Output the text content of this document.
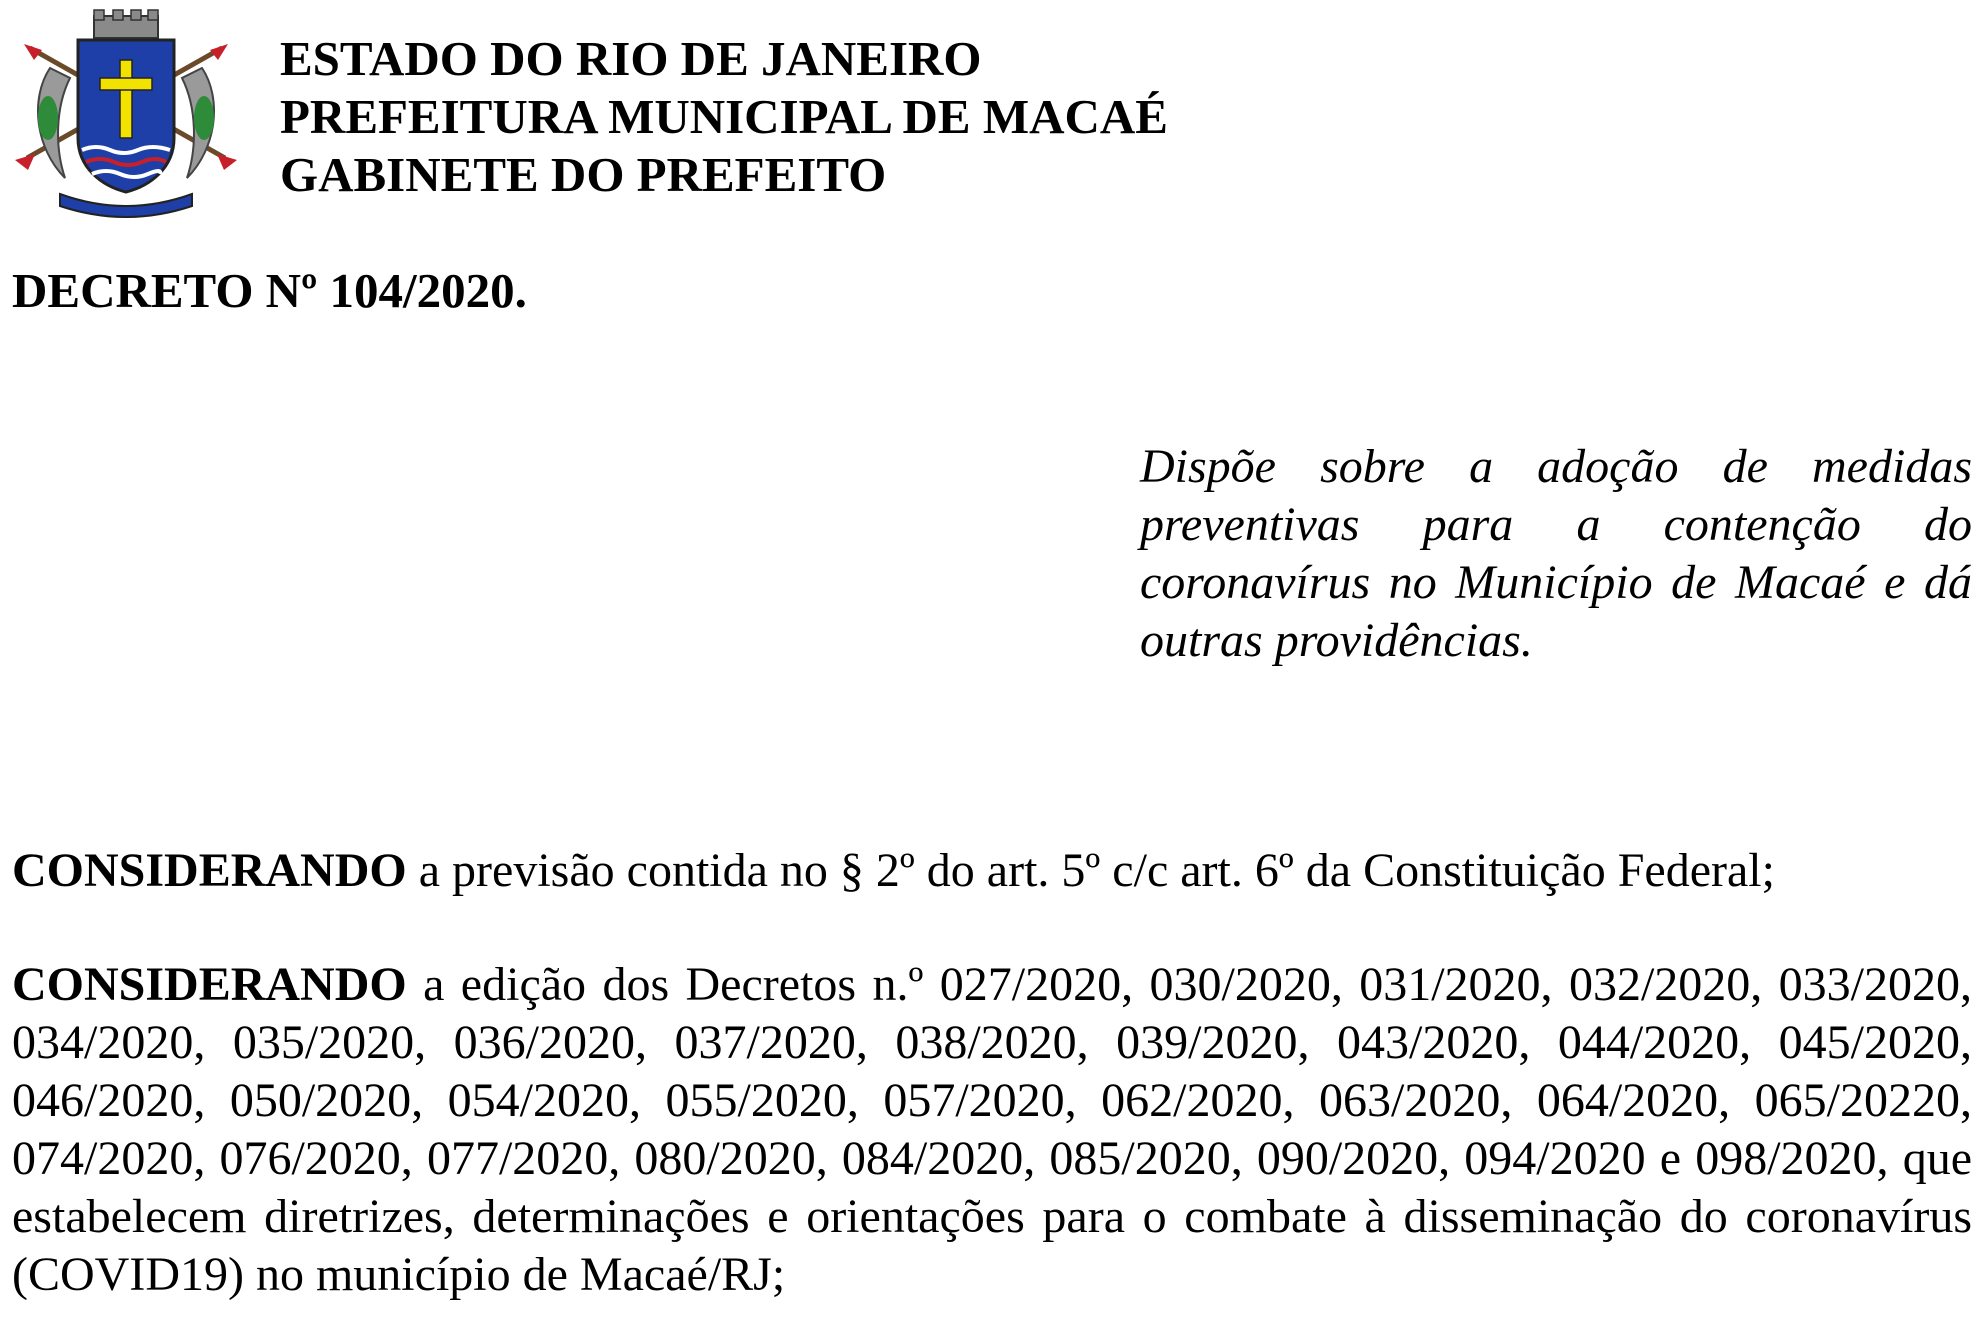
ESTADO DO RIO DE JANEIRO
PREFEITURA MUNICIPAL DE MACAÉ
GABINETE DO PREFEITO
DECRETO Nº 104/2020.
Dispõe sobre a adoção de medidas preventivas para a contenção do coronavírus no Município de Macaé e dá outras providências.
CONSIDERANDO a previsão contida no § 2º do art. 5º c/c art. 6º da Constituição Federal;
CONSIDERANDO a edição dos Decretos n.º 027/2020, 030/2020, 031/2020, 032/2020, 033/2020, 034/2020, 035/2020, 036/2020, 037/2020, 038/2020, 039/2020, 043/2020, 044/2020, 045/2020, 046/2020, 050/2020, 054/2020, 055/2020, 057/2020, 062/2020, 063/2020, 064/2020, 065/20220, 074/2020, 076/2020, 077/2020, 080/2020, 084/2020, 085/2020, 090/2020, 094/2020 e 098/2020, que estabelecem diretrizes, determinações e orientações para o combate à disseminação do coronavírus (COVID19) no município de Macaé/RJ;
